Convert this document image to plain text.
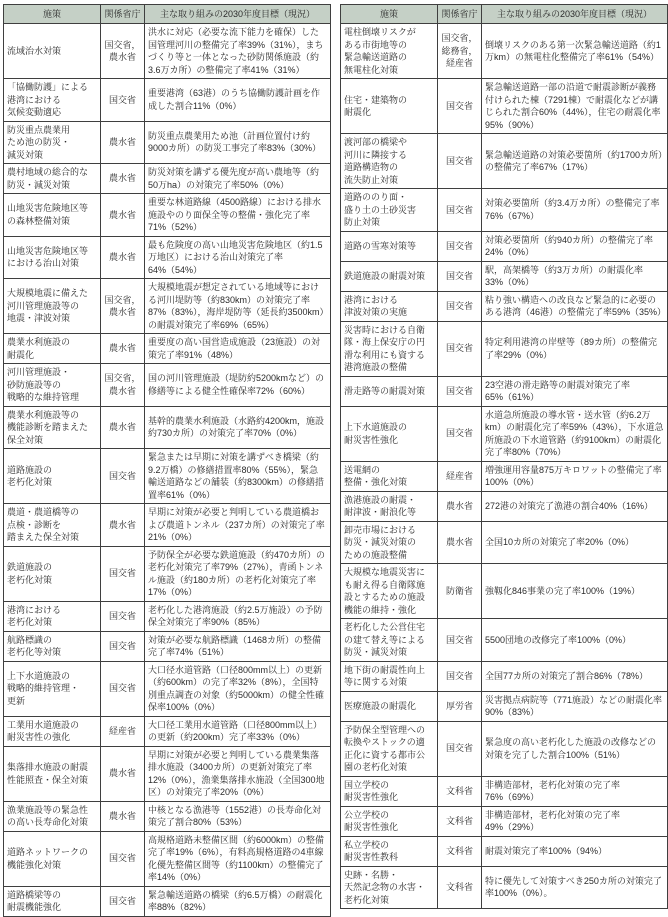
施策	関係省庁	主な取り組みの2030年度目標（現況）
流域治水対策	国交省，
農水省	洪水に対応（必要な流下能力を確保）した国管理河川の整備完了率39%（31%），まちづくり等と一体となった砂防関係施設（約3.6万カ所）の整備完了率41%（31%）
「協働防護」による
港湾における
気候変動適応	国交省	重要港湾（63港）のうち協働防護計画を作成した割合11%（0%）
防災重点農業用
ため池の防災・
減災対策	農水省	防災重点農業用ため池（計画位置付け約9000カ所）の防災工事完了率83%（30%）
農村地域の総合的な
防災・減災対策	農水省	防災対策を講ずる優先度が高い農地等（約50万ha）の対策完了率50%（0%）
山地災害危険地区等
の森林整備対策	農水省	重要な林道路線（4500路線）における排水施設やのり面保全等の整備・強化完了率71%（52%）
山地災害危険地区等
における治山対策	農水省	最も危険度の高い山地災害危険地区（約1.5万地区）における治山対策完了率64%（54%）
大規模地震に備えた
河川管理施設等の
地震・津波対策	国交省，
農水省	大規模地震が想定されている地域等における河川堤防等（約830km）の対策完了率87%（83%），海岸堤防等（延長約3500km）の耐震対策完了率69%（65%）
農業水利施設の
耐震化	農水省	重要度の高い国営造成施設（23施設）の対策完了率91%（48%）
河川管理施設・
砂防施設等の
戦略的な維持管理	国交省，
農水省	国の河川管理施設（堤防約5200kmなど）の修繕等による健全性確保率72%（60%）
農業水利施設等の
機能診断を踏まえた
保全対策	農水省	基幹的農業水利施設（水路約4200km，施設約730カ所）の対策完了率70%（0%）
道路施設の
老朽化対策	国交省	緊急または早期に対策を講ずべき橋梁（約9.2万橋）の修繕措置率80%（55%），緊急輸送道路などの舗装（約8300km）の修繕措置率61%（0%）
農道・農道橋等の
点検・診断を
踏まえた保全対策	農水省	早期に対策が必要と判明している農道橋および農道トンネル（237カ所）の対策完了率21%（0%）
鉄道施設の
老朽化対策	国交省	予防保全が必要な鉄道施設（約470カ所）の老朽化対策完了率79%（27%），青函トンネル施設（約180カ所）の老朽化対策完了率17%（0%）
港湾における
老朽化対策	国交省	老朽化した港湾施設（約2.5万施設）の予防保全対策完了率90%（85%）
航路標識の
老朽化等対策	国交省	対策が必要な航路標識（1468カ所）の整備完了率74%（51%）
上下水道施設の
戦略的維持管理・
更新	国交省	大口径水道管路（口径800mm以上）の更新（約600km）の完了率32%（8%），全国特別重点調査の対象（約5000km）の健全性確保率100%（0%）
工業用水道施設の
耐災害性の強化	経産省	大口径工業用水道管路（口径800mm以上）の更新（約200km）完了率33%（0%）
集落排水施設の耐震
性能照査・保全対策	農水省	早期に対策が必要と判明している農業集落排水施設（3400カ所）の更新対策完了率12%（0%），漁業集落排水施設（全国300地区）の対策完了率20%（0%）
漁業施設等の緊急性
の高い長寿命化対策	農水省	中核となる漁港等（1552港）の長寿命化対策完了割合80%（53%）
道路ネットワークの
機能強化対策	国交省	高規格道路未整備区間（約6000km）の整備完了率19%（6%），有料高規格道路の4車線化優先整備区間等（約1100km）の整備完了率14%（0%）
道路橋梁等の
耐震機能強化	国交省	緊急輸送道路の橋梁（約6.5万橋）の耐震化率88%（82%）
施策	関係省庁	主な取り組みの2030年度目標（現況）
電柱倒壊リスクが
ある市街地等の
緊急輸送道路の
無電柱化対策	国交省，
総務省，
経産省	倒壊リスクのある第一次緊急輸送道路（約1万km）の無電柱化整備完了率61%（54%）
住宅・建築物の
耐震化	国交省	緊急輸送道路一部の沿道で耐震診断が義務付けられた棟（7291棟）で耐震化などが講じられた割合60%（44%），住宅の耐震化率95%（90%）
渡河部の橋梁や
河川に隣接する
道路構造物の
流失防止対策	国交省	緊急輸送道路の対策必要箇所（約1700カ所）の整備完了率67%（17%）
道路ののり面・
盛り土の土砂災害
防止対策	国交省	対策必要箇所（約3.4万カ所）の整備完了率76%（67%）
道路の雪寒対策等	国交省	対策必要箇所（約940カ所）の整備完了率24%（0%）
鉄道施設の耐震対策	国交省	駅，高架橋等（約3万カ所）の耐震化率33%（0%）
港湾における
津波対策の実施	国交省	粘り強い構造への改良など緊急的に必要のある港湾（46港）の整備完了率59%（35%）
災害時における自衛
隊・海上保安庁の円
滑な利用にも資する
港湾施設の整備	国交省	特定利用港湾の岸壁等（89カ所）の整備完了率29%（0%）
滑走路等の耐震対策	国交省	23空港の滑走路等の耐震対策完了率65%（61%）
上下水道施設の
耐災害性強化	国交省	水道急所施設の導水管・送水管（約6.2万km）の耐震化完了率59%（43%），下水道急所施設の下水道管路（約9100km）の耐震化完了率80%（70%）
送電網の
整備・強化対策	経産省	増強運用容量875万キロワットの整備完了率100%（0%）
漁港施設の耐震・
耐津波・耐浪化等	農水省	272港の対策完了漁港の割合40%（16%）
卸売市場における
防災・減災対策の
ための施設整備	農水省	全国10カ所の対策完了率20%（0%）
大規模な地震災害に
も耐え得る自衛隊施
設とするための施設
機能の維持・強化	防衛省	強靱化846事業の完了率100%（19%）
老朽化した公営住宅
の建て替え等による
防災・減災対策	国交省	5500団地の改修完了率100%（0%）
地下街の耐震性向上
等に関する対策	国交省	全国77カ所の対策完了割合86%（78%）
医療施設の耐震化	厚労省	災害拠点病院等（771施設）などの耐震化率90%（83%）
予防保全型管理への
転換やストックの適
正化に資する都市公
園の老朽化対策	国交省	緊急度の高い老朽化した施設の改修などの対策を完了した割合100%（51%）
国立学校の
耐災害性強化	文科省	非構造部材，老朽化対策の完了率76%（69%）
公立学校の
耐災害性強化	文科省	非構造部材，老朽化対策の完了率49%（29%）
私立学校の
耐災害性教科	文科省	耐震対策完了率100%（94%）
史跡・名勝・
天然記念物の水害・
老朽化対策	文科省	特に優先して対策すべき250カ所の対策完了率100%（0%）。
